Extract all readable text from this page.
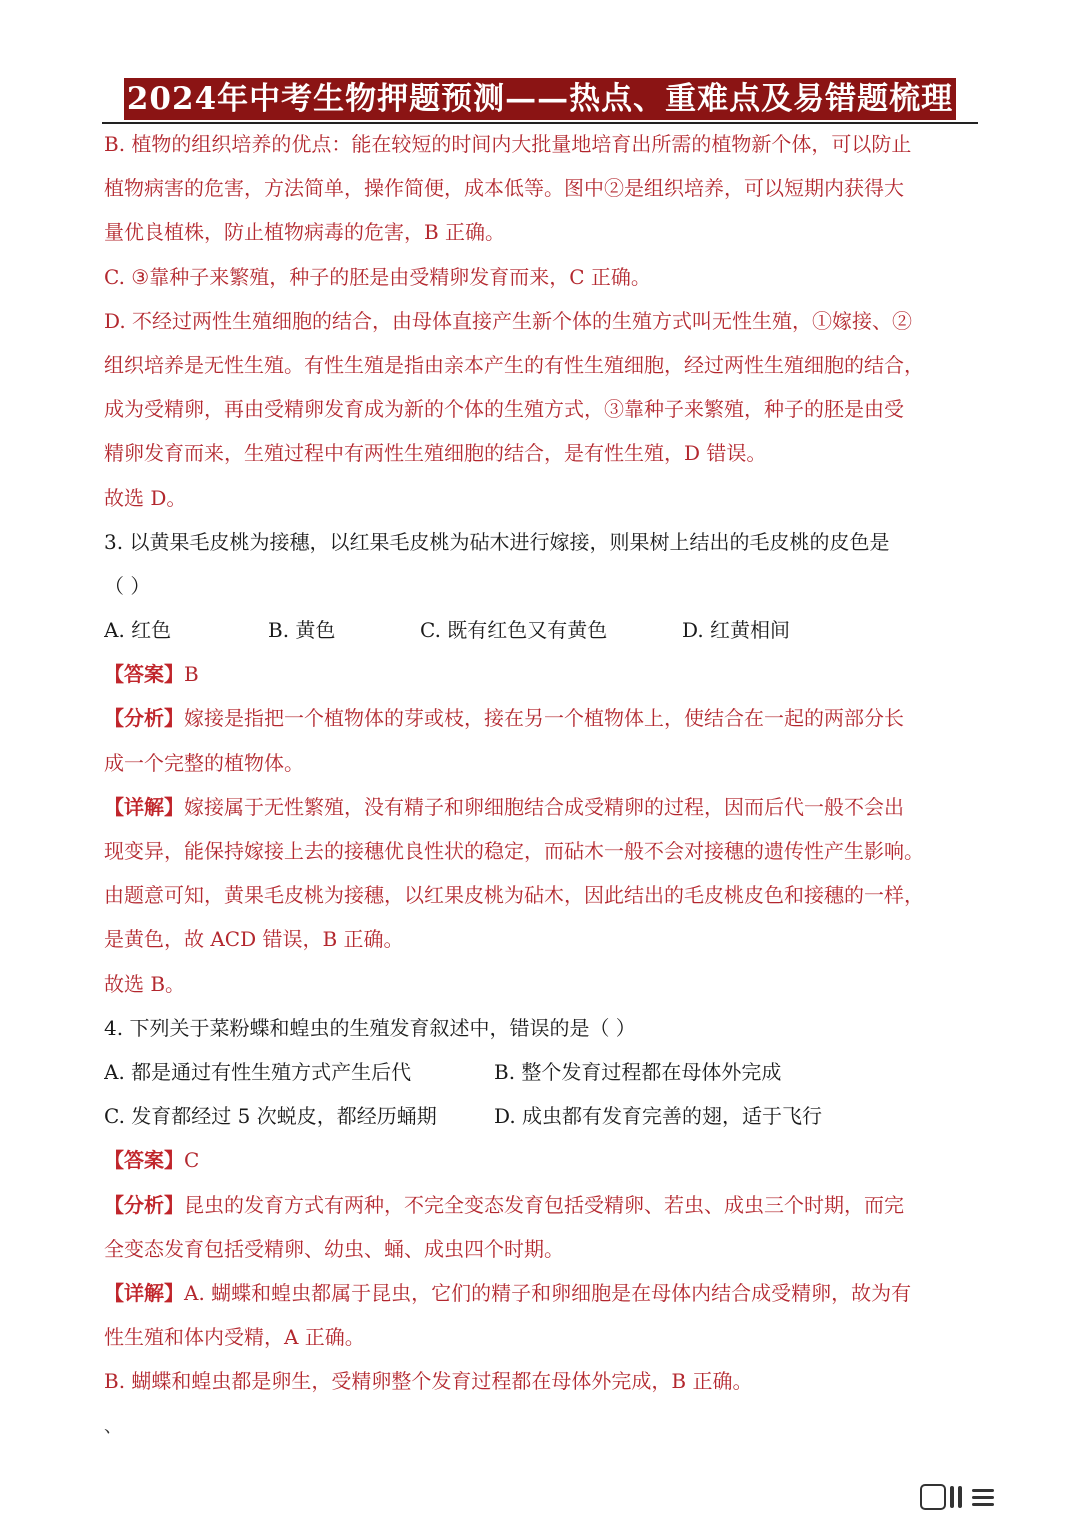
2024年中考生物押题预测——热点、重难点及易错题梳理
B. 植物的组织培养的优点：能在较短的时间内大批量地培育出所需的植物新个体，可以防止
植物病害的危害，方法简单，操作简便，成本低等。图中②是组织培养，可以短期内获得大
量优良植株，防止植物病毒的危害，B 正确。
C. ③靠种子来繁殖，种子的胚是由受精卵发育而来，C 正确。
D. 不经过两性生殖细胞的结合，由母体直接产生新个体的生殖方式叫无性生殖，①嫁接、②
组织培养是无性生殖。有性生殖是指由亲本产生的有性生殖细胞，经过两性生殖细胞的结合，
成为受精卵，再由受精卵发育成为新的个体的生殖方式，③靠种子来繁殖，种子的胚是由受
精卵发育而来，生殖过程中有两性生殖细胞的结合，是有性生殖，D 错误。
故选 D。
3. 以黄果毛皮桃为接穗，以红果毛皮桃为砧木进行嫁接，则果树上结出的毛皮桃的皮色是
（ ）
A. 红色	B. 黄色	C. 既有红色又有黄色	D. 红黄相间
【答案】B
【分析】嫁接是指把一个植物体的芽或枝，接在另一个植物体上，使结合在一起的两部分长
成一个完整的植物体。
【详解】嫁接属于无性繁殖，没有精子和卵细胞结合成受精卵的过程，因而后代一般不会出
现变异，能保持嫁接上去的接穗优良性状的稳定，而砧木一般不会对接穗的遗传性产生影响。
由题意可知，黄果毛皮桃为接穗，以红果皮桃为砧木，因此结出的毛皮桃皮色和接穗的一样，
是黄色，故 ACD 错误，B 正确。
故选 B。
4. 下列关于菜粉蝶和蝗虫的生殖发育叙述中，错误的是（ ）
A. 都是通过有性生殖方式产生后代	B. 整个发育过程都在母体外完成
C. 发育都经过 5 次蜕皮，都经历蛹期	D. 成虫都有发育完善的翅，适于飞行
【答案】C
【分析】昆虫的发育方式有两种，不完全变态发育包括受精卵、若虫、成虫三个时期，而完
全变态发育包括受精卵、幼虫、蛹、成虫四个时期。
【详解】A. 蝴蝶和蝗虫都属于昆虫，它们的精子和卵细胞是在母体内结合成受精卵，故为有
性生殖和体内受精，A 正确。
B. 蝴蝶和蝗虫都是卵生，受精卵整个发育过程都在母体外完成，B 正确。
、
